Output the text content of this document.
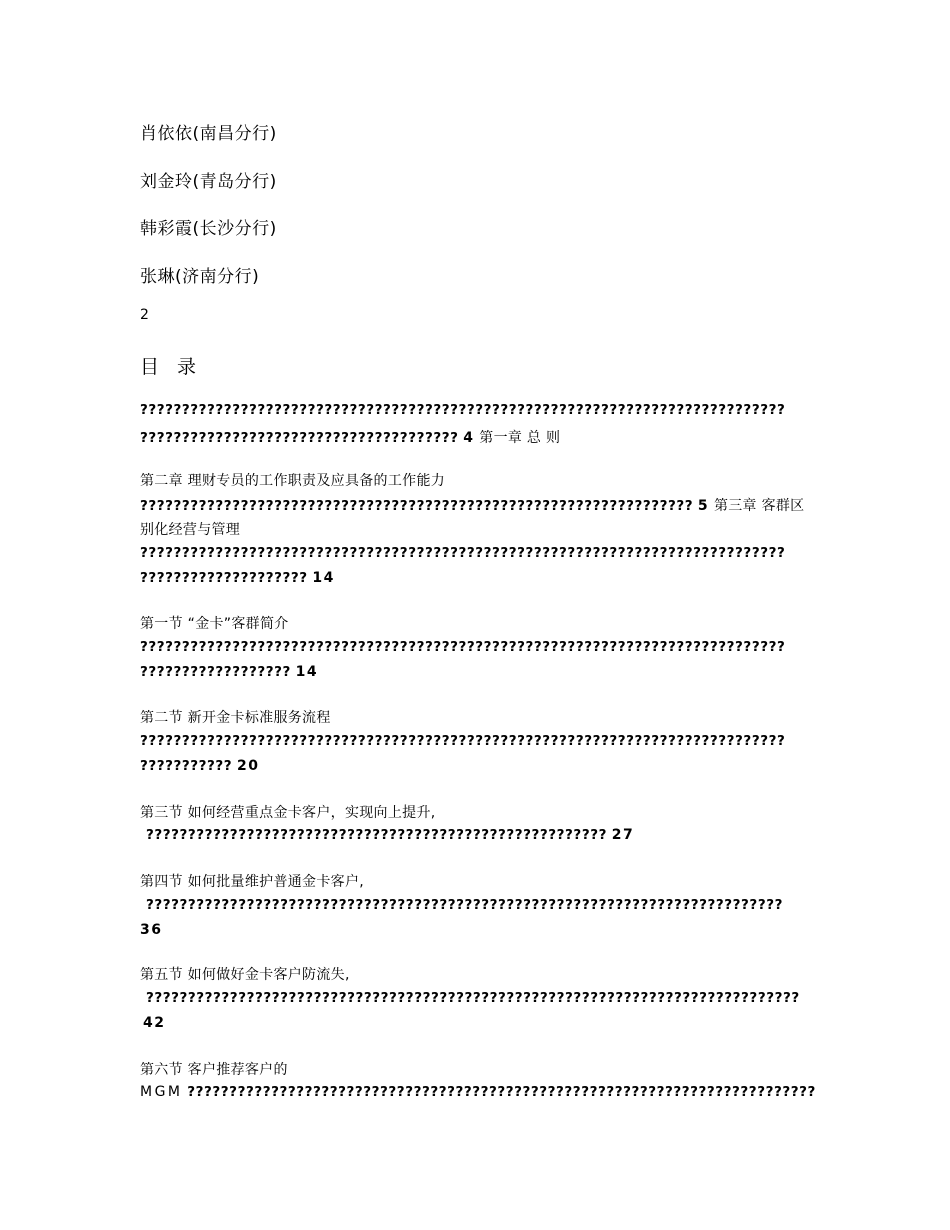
肖依依(南昌分行)
刘金玲(青岛分行)
韩彩霞(长沙分行)
张琳(济南分行)
2
目 录
?????????????????????????????????????????????????????????????????????????????
?????????????????????????????????????? 4 第一章 总 则
第二章 理财专员的工作职责及应具备的工作能力
?????????????????????????????????????????????????????????????????? 5 第三章 客群区
别化经营与管理
?????????????????????????????????????????????????????????????????????????????
???????????????????? 14
第一节 “金卡”客群简介
?????????????????????????????????????????????????????????????????????????????
?????????????????? 14
第二节 新开金卡标准服务流程
?????????????????????????????????????????????????????????????????????????????
??????????? 20
第三节 如何经营重点金卡客户，实现向上提升,
??????????????????????????????????????????????????????? 27
第四节 如何批量维护普通金卡客户,
????????????????????????????????????????????????????????????????????????????
36
第五节 如何做好金卡客户防流失,
??????????????????????????????????????????????????????????????????????????????
42
第六节 客户推荐客户的
MGM ???????????????????????????????????????????????????????????????????????????
